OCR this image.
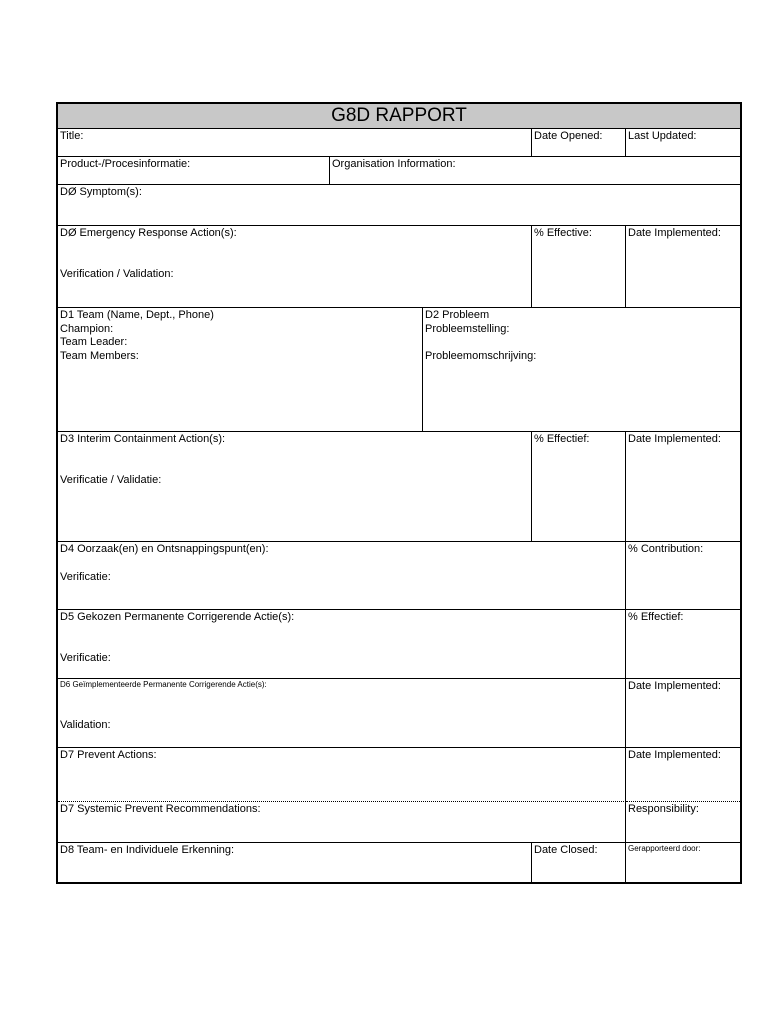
G8D RAPPORT
Title:	Date Opened:	Last Updated:
Product-/Procesinformatie:	Organisation Information:
DØ Symptom(s):
DØ Emergency Response Action(s):
Verification / Validation:
% Effective:	Date Implemented:
D1 Team (Name, Dept., Phone)
Champion:
Team Leader:
Team Members:
D2 Probleem
Probleemstelling:
Probleemomschrijving:
D3 Interim Containment Action(s):
Verificatie / Validatie:
% Effectief:	Date Implemented:
D4 Oorzaak(en) en Ontsnappingspunt(en):
Verificatie:
% Contribution:
D5 Gekozen Permanente Corrigerende Actie(s):
Verificatie:
% Effectief:
D6 Geïmplementeerde Permanente Corrigerende Actie(s):
Validation:
Date Implemented:
D7 Prevent Actions:	Date Implemented:
D7 Systemic Prevent Recommendations:	Responsibility:
D8 Team- en Individuele Erkenning:	Date Closed:	Gerapporteerd door:
